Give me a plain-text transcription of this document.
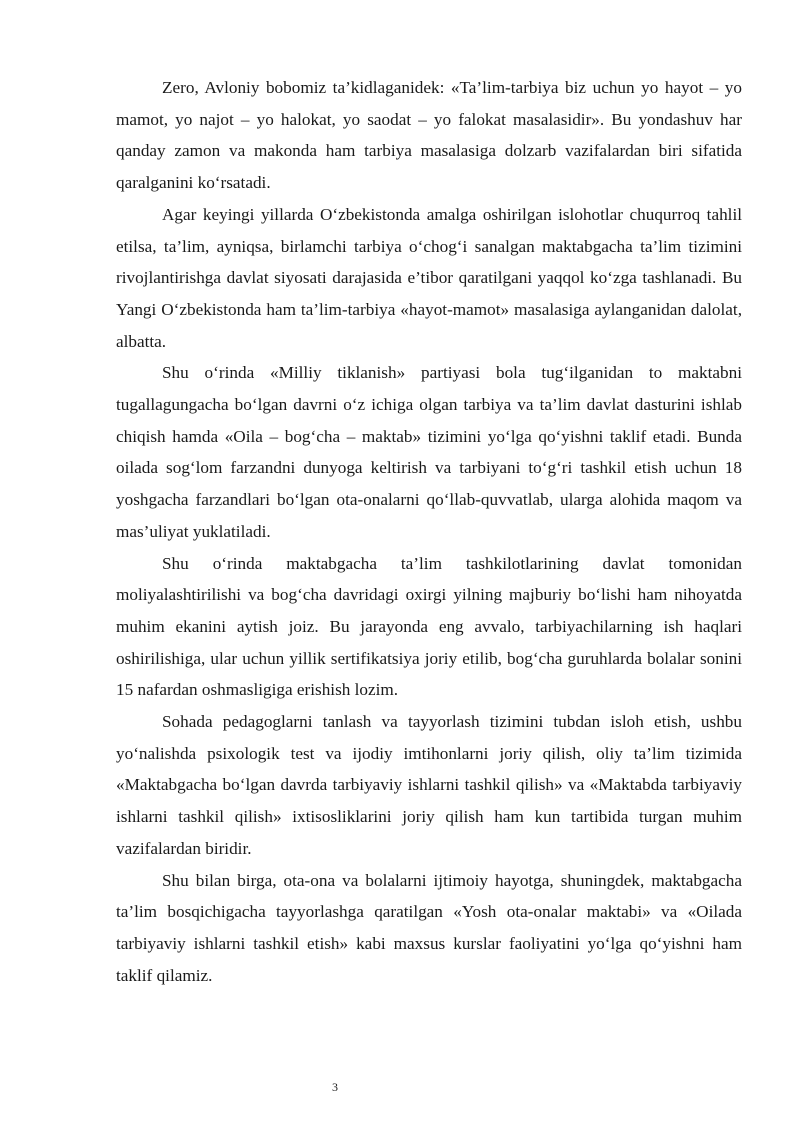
Zero, Avloniy bobomiz ta’kidlaganidek: «Ta’lim-tarbiya biz uchun yo hayot – yo mamot, yo najot – yo halokat, yo saodat – yo falokat masalasidir». Bu yondashuv har qanday zamon va makonda ham tarbiya masalasiga dolzarb vazifalardan biri sifatida qaralganini ko‘rsatadi.

Agar keyingi yillarda O‘zbekistonda amalga oshirilgan islohotlar chuqurroq tahlil etilsa, ta’lim, ayniqsa, birlamchi tarbiya o‘chog‘i sanalgan maktabgacha ta’lim tizimini rivojlantirishga davlat siyosati darajasida e’tibor qaratilgani yaqqol ko‘zga tashlanadi. Bu Yangi O‘zbekistonda ham ta’lim-tarbiya «hayot-mamot» masalasiga aylanganidan dalolat, albatta.

Shu o‘rinda «Milliy tiklanish» partiyasi bola tug‘ilganidan to maktabni tugallagungacha bo‘lgan davrni o‘z ichiga olgan tarbiya va ta’lim davlat dasturini ishlab chiqish hamda «Oila – bog‘cha – maktab» tizimini yo‘lga qo‘yishni taklif etadi. Bunda oilada sog‘lom farzandni dunyoga keltirish va tarbiyani to‘g‘ri tashkil etish uchun 18 yoshgacha farzandlari bo‘lgan ota-onalarni qo‘llab-quvvatlab, ularga alohida maqom va mas’uliyat yuklatiladi.

Shu o‘rinda maktabgacha ta’lim tashkilotlarining davlat tomonidan moliyalashtirilishi va bog‘cha davridagi oxirgi yilning majburiy bo‘lishi ham nihoyatda muhim ekanini aytish joiz. Bu jarayonda eng avvalo, tarbiyachilarning ish haqlari oshirilishiga, ular uchun yillik sertifikatsiya joriy etilib, bog‘cha guruhlarda bolalar sonini 15 nafardan oshmasligiga erishish lozim.

Sohada pedagoglarni tanlash va tayyorlash tizimini tubdan isloh etish, ushbu yo‘nalishda psixologik test va ijodiy imtihonlarni joriy qilish, oliy ta’lim tizimida «Maktabgacha bo‘lgan davrda tarbiyaviy ishlarni tashkil qilish» va «Maktabda tarbiyaviy ishlarni tashkil qilish» ixtisosliklarini joriy qilish ham kun tartibida turgan muhim vazifalardan biridir.

Shu bilan birga, ota-ona va bolalarni ijtimoiy hayotga, shuningdek, maktabgacha ta’lim bosqichigacha tayyorlashga qaratilgan «Yosh ota-onalar maktabi» va «Oilada tarbiyaviy ishlarni tashkil etish» kabi maxsus kurslar faoliyatini yo‘lga qo‘yishni ham taklif qilamiz.

3
